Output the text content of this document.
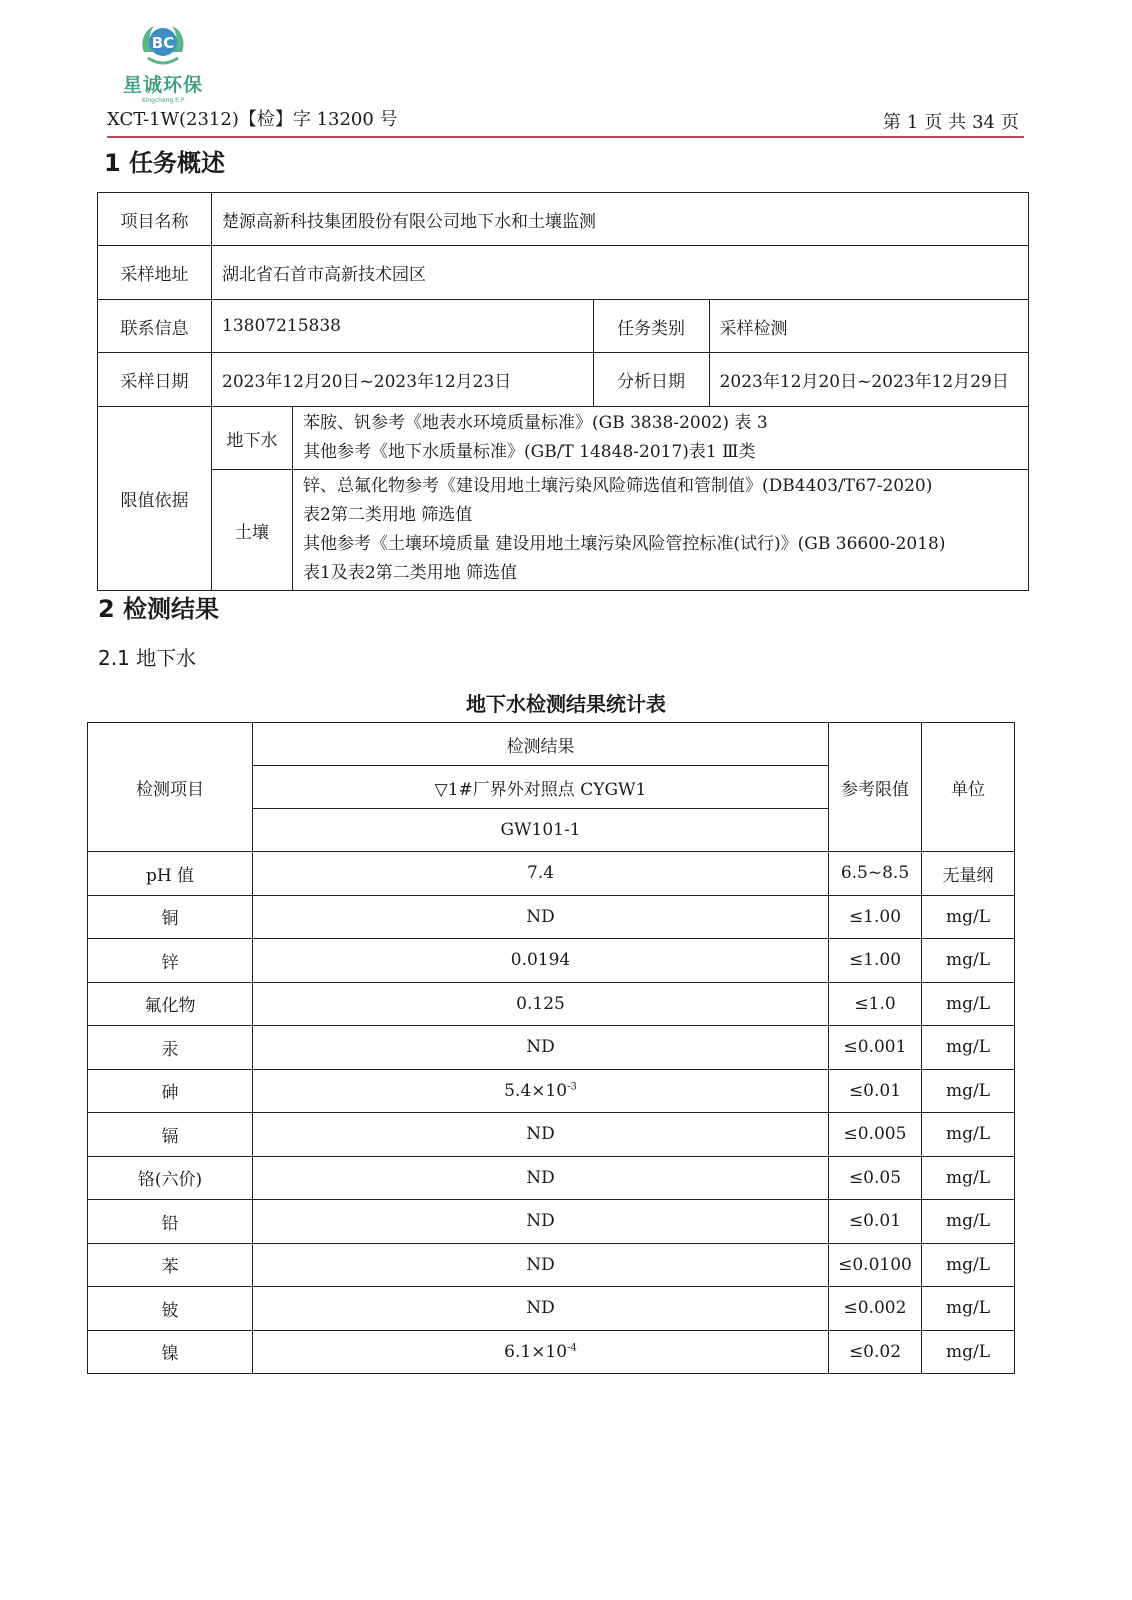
BC
星诚环保
Xingcheng E.P
XCT-1W(2312)【检】字 13200 号	第 1 页 共 34 页
1 任务概述
项目名称	楚源高新科技集团股份有限公司地下水和土壤监测			
采样地址	湖北省石首市高新技术园区			
联系信息	13807215838		任务类别	采样检测
采样日期	2023年12月20日~2023年12月23日		分析日期	2023年12月20日~2023年12月29日
限值依据	地下水	苯胺、钒参考《地表水环境质量标准》(GB 3838-2002) 表 3
其他参考《地下水质量标准》(GB/T 14848-2017)表1 Ⅲ类		

	土壤	锌、总氟化物参考《建设用地土壤污染风险筛选值和管制值》(DB4403/T67-2020)
表2第二类用地 筛选值
其他参考《土壤环境质量 建设用地土壤污染风险管控标准(试行)》(GB 36600-2018)
表1及表2第二类用地 筛选值		
2 检测结果
2.1 地下水
地下水检测结果统计表
检测项目	检测结果	参考限值	单位
	▽1#厂界外对照点 CYGW1		
	GW101-1		
pH 值	7.4	6.5~8.5	无量纲
铜	ND	≤1.00	mg/L
锌	0.0194	≤1.00	mg/L
氟化物	0.125	≤1.0	mg/L
汞	ND	≤0.001	mg/L
砷	$5.4\times 10^{-3}$	≤0.01	mg/L
镉	ND	≤0.005	mg/L
铬(六价)	ND	≤0.05	mg/L
铅	ND	≤0.01	mg/L
苯	ND	≤0.0100	mg/L
铍	ND	≤0.002	mg/L
镍	$6.1\times 10^{-4}$	≤0.02	mg/L
